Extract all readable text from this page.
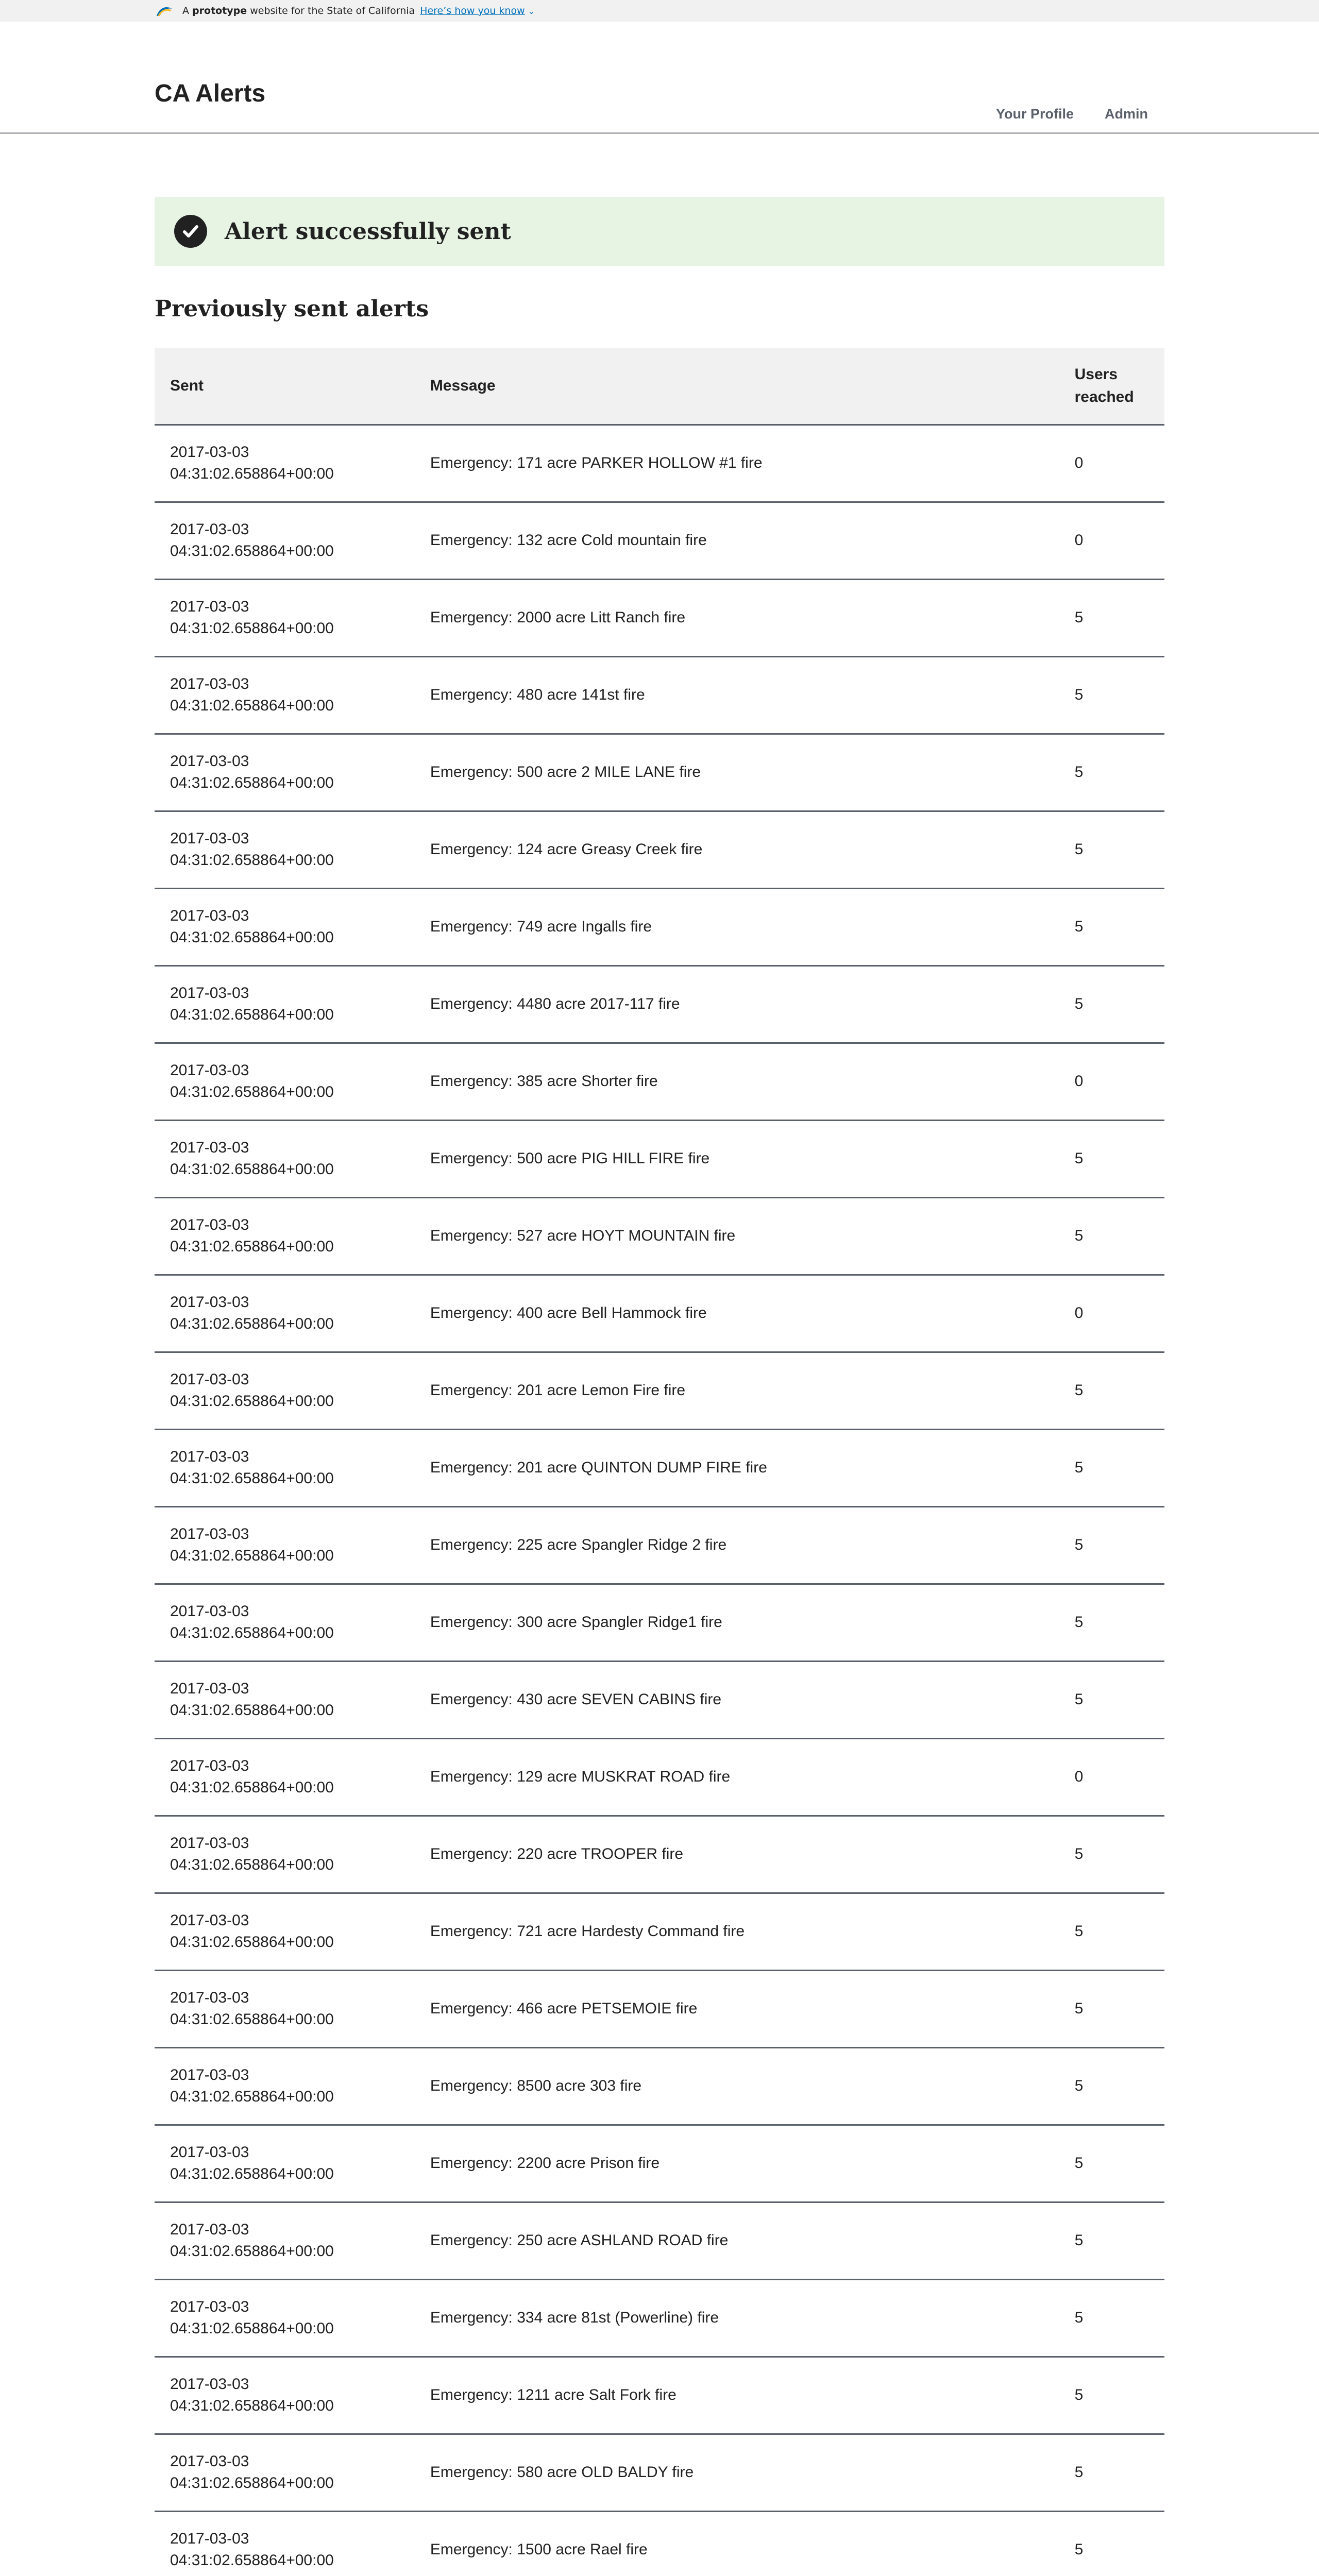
A
prototype
website for the State of California Here’s how you know ⌄
CA Alerts
Your Profile Admin
Alert successfully sent
Previously sent alerts
Sent	Message	Users reached
2017-03-03 04:31:02.658864+00:00	Emergency: 171 acre PARKER HOLLOW #1 fire	0
2017-03-03 04:31:02.658864+00:00	Emergency: 132 acre Cold mountain fire	0
2017-03-03 04:31:02.658864+00:00	Emergency: 2000 acre Litt Ranch fire	5
2017-03-03 04:31:02.658864+00:00	Emergency: 480 acre 141st fire	5
2017-03-03 04:31:02.658864+00:00	Emergency: 500 acre 2 MILE LANE fire	5
2017-03-03 04:31:02.658864+00:00	Emergency: 124 acre Greasy Creek fire	5
2017-03-03 04:31:02.658864+00:00	Emergency: 749 acre Ingalls fire	5
2017-03-03 04:31:02.658864+00:00	Emergency: 4480 acre 2017-117 fire	5
2017-03-03 04:31:02.658864+00:00	Emergency: 385 acre Shorter fire	0
2017-03-03 04:31:02.658864+00:00	Emergency: 500 acre PIG HILL FIRE fire	5
2017-03-03 04:31:02.658864+00:00	Emergency: 527 acre HOYT MOUNTAIN fire	5
2017-03-03 04:31:02.658864+00:00	Emergency: 400 acre Bell Hammock fire	0
2017-03-03 04:31:02.658864+00:00	Emergency: 201 acre Lemon Fire fire	5
2017-03-03 04:31:02.658864+00:00	Emergency: 201 acre QUINTON DUMP FIRE fire	5
2017-03-03 04:31:02.658864+00:00	Emergency: 225 acre Spangler Ridge 2 fire	5
2017-03-03 04:31:02.658864+00:00	Emergency: 300 acre Spangler Ridge1 fire	5
2017-03-03 04:31:02.658864+00:00	Emergency: 430 acre SEVEN CABINS fire	5
2017-03-03 04:31:02.658864+00:00	Emergency: 129 acre MUSKRAT ROAD fire	0
2017-03-03 04:31:02.658864+00:00	Emergency: 220 acre TROOPER fire	5
2017-03-03 04:31:02.658864+00:00	Emergency: 721 acre Hardesty Command fire	5
2017-03-03 04:31:02.658864+00:00	Emergency: 466 acre PETSEMOIE fire	5
2017-03-03 04:31:02.658864+00:00	Emergency: 8500 acre 303 fire	5
2017-03-03 04:31:02.658864+00:00	Emergency: 2200 acre Prison fire	5
2017-03-03 04:31:02.658864+00:00	Emergency: 250 acre ASHLAND ROAD fire	5
2017-03-03 04:31:02.658864+00:00	Emergency: 334 acre 81st (Powerline) fire	5
2017-03-03 04:31:02.658864+00:00	Emergency: 1211 acre Salt Fork fire	5
2017-03-03 04:31:02.658864+00:00	Emergency: 580 acre OLD BALDY fire	5
2017-03-03 04:31:02.658864+00:00	Emergency: 1500 acre Rael fire	5
